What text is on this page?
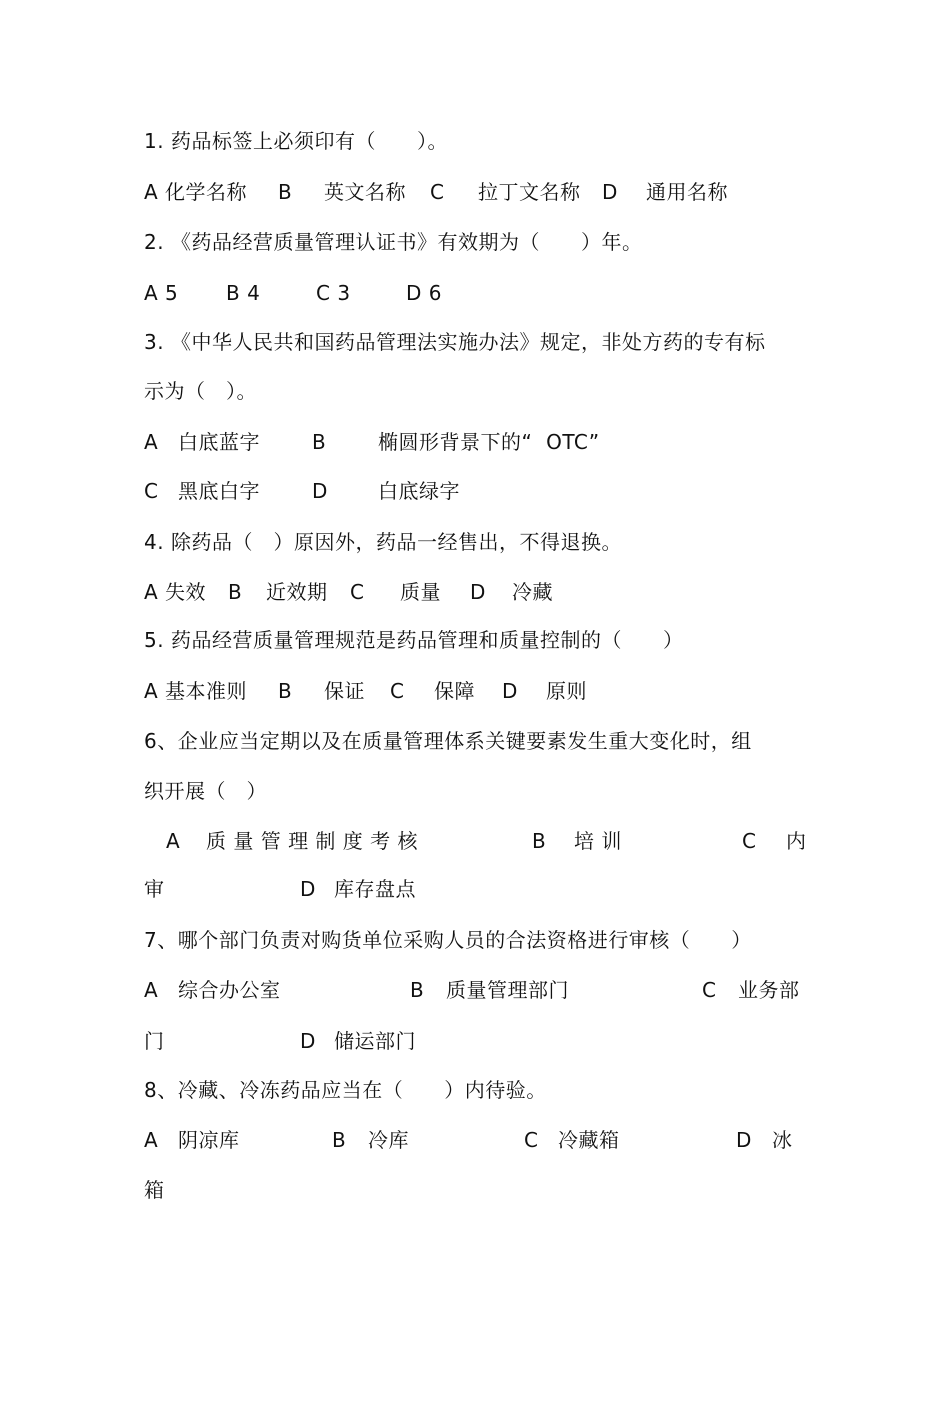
1. 药品标签上必须印有（　　）。

A 化学名称

B

英文名称

C

拉丁文名称

D

通用名称

2. 《药品经营质量管理认证书》有效期为（　　）年。

A 5

B 4

	C 3

	D 6

3. 《中华人民共和国药品管理法实施办法》规定，非处方药的专有标
示为（　）。

A

白底蓝字

	B

	椭圆形背景下的“  OTC”

C

黑底白字

	D

	白底绿字

4. 除药品（　）原因外，药品一经售出，不得退换。

A 失效

B

近效期

C

质量

D

冷藏

5. 药品经营质量管理规范是药品管理和质量控制的（　　）

A 基本准则

B

保证

C

保障

D

原则

6、企业应当定期以及在质量管理体系关键要素发生重大变化时，组
织开展（　）

A

质 量 管 理 制 度 考 核

	B

培 训

	C

内

审

	D

库存盘点

7、哪个部门负责对购货单位采购人员的合法资格进行审核（　　）

A

综合办公室

	B

质量管理部门

	C

业务部

门

	D

储运部门

8、冷藏、冷冻药品应当在（　　）内待验。

A

阴凉库

	B

冷库

	C

冷藏箱

	D

冰

箱
